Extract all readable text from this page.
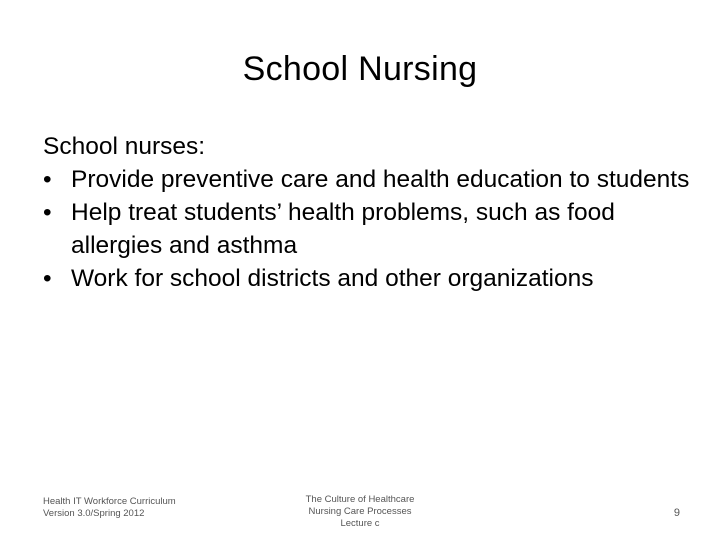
School Nursing

School nurses:

• Provide preventive care and health education to students
• Help treat students’ health problems, such as food allergies and asthma
• Work for school districts and other organizations
Health IT Workforce Curriculum
Version 3.0/Spring 2012
The Culture of Healthcare
Nursing Care Processes
Lecture c
9
